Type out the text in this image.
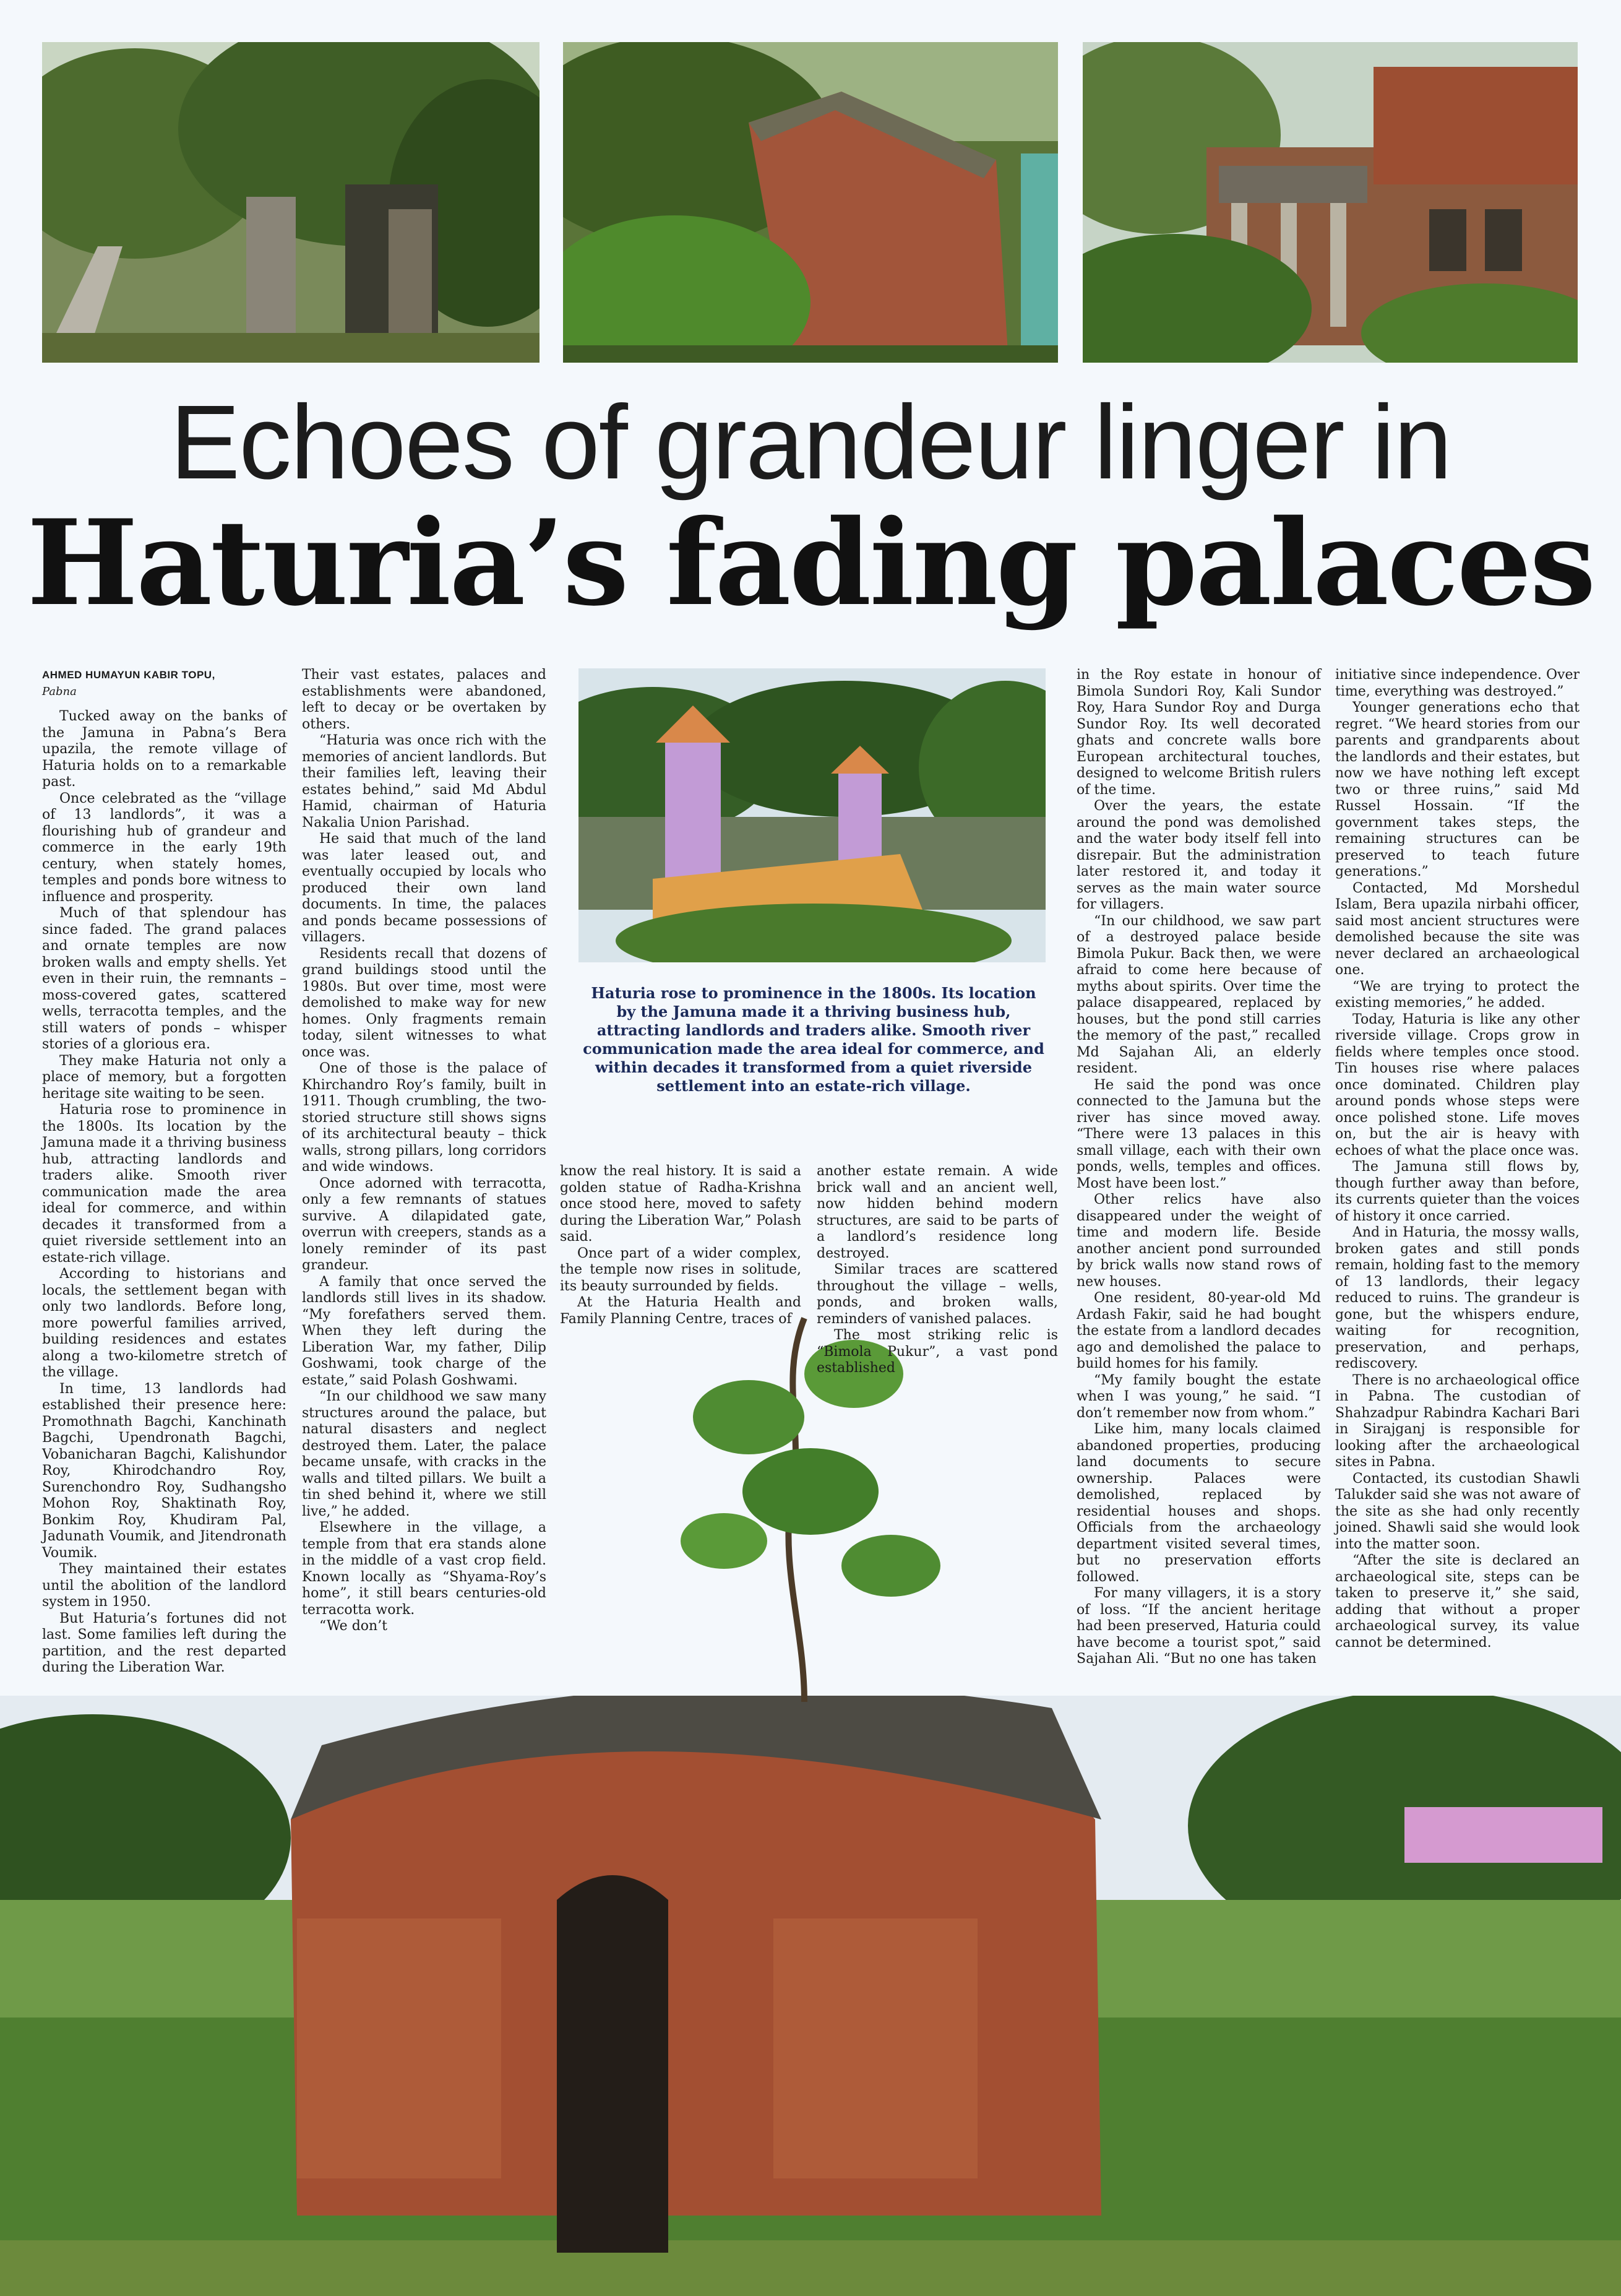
Echoes of grandeur linger in
Haturia’s fading palaces
Haturia rose to prominence in the 1800s. Its location by the Jamuna made it a thriving business hub, attracting landlords and traders alike. Smooth river communication made the area ideal for commerce, and within decades it transformed from a quiet riverside settlement into an estate-rich village.
AHMED HUMAYUN KABIR TOPU,
Pabna

Tucked away on the banks of the Jamuna in Pabna’s Bera upazila, the remote village of Haturia holds on to a remarkable past.

Once celebrated as the “village of 13 landlords”, it was a flourishing hub of grandeur and commerce in the early 19th century, when stately homes, temples and ponds bore witness to influence and prosperity.

Much of that splendour has since faded. The grand palaces and ornate temples are now broken walls and empty shells. Yet even in their ruin, the remnants – moss-covered gates, scattered wells, terracotta temples, and the still waters of ponds – whisper stories of a glorious era.

They make Haturia not only a place of memory, but a forgotten heritage site waiting to be seen.

Haturia rose to prominence in the 1800s. Its location by the Jamuna made it a thriving business hub, attracting landlords and traders alike. Smooth river communication made the area ideal for commerce, and within decades it transformed from a quiet riverside settlement into an estate-rich village.

According to historians and locals, the settlement began with only two landlords. Before long, more powerful families arrived, building residences and estates along a two-kilometre stretch of the village.

In time, 13 landlords had established their presence here: Promothnath Bagchi, Kanchinath Bagchi, Upendronath Bagchi, Vobanicharan Bagchi, Kalishundor Roy, Khirodchandro Roy, Surenchondro Roy, Sudhangsho Mohon Roy, Shaktinath Roy, Bonkim Roy, Khudiram Pal, Jadunath Voumik, and Jitendronath Voumik.

They maintained their estates until the abolition of the landlord system in 1950.

But Haturia’s fortunes did not last. Some families left during the partition, and the rest departed during the Liberation War.

Their vast estates, palaces and establishments were abandoned, left to decay or be overtaken by others.

“Haturia was once rich with the memories of ancient landlords. But their families left, leaving their estates behind,” said Md Abdul Hamid, chairman of Haturia Nakalia Union Parishad.

He said that much of the land was later leased out, and eventually occupied by locals who produced their own land documents. In time, the palaces and ponds became possessions of villagers.

Residents recall that dozens of grand buildings stood until the 1980s. But over time, most were demolished to make way for new homes. Only fragments remain today, silent witnesses to what once was.

One of those is the palace of Khirchandro Roy’s family, built in 1911. Though crumbling, the two-storied structure still shows signs of its architectural beauty – thick walls, strong pillars, long corridors and wide windows.

Once adorned with terracotta, only a few remnants of statues survive. A dilapidated gate, overrun with creepers, stands as a lonely reminder of its past grandeur.

A family that once served the landlords still lives in its shadow. “My forefathers served them. When they left during the Liberation War, my father, Dilip Goshwami, took charge of the estate,” said Polash Goshwami.

“In our childhood we saw many structures around the palace, but natural disasters and neglect destroyed them. Later, the palace became unsafe, with cracks in the walls and tilted pillars. We built a tin shed behind it, where we still live,” he added.

Elsewhere in the village, a temple from that era stands alone in the middle of a vast crop field. Known locally as “Shyama-Roy’s home”, it still bears centuries-old terracotta work.

“We don’t

know the real history. It is said a golden statue of Radha-Krishna once stood here, moved to safety during the Liberation War,” Polash said.

Once part of a wider complex, the temple now rises in solitude, its beauty surrounded by fields.

At the Haturia Health and Family Planning Centre, traces of

another estate remain. A wide brick wall and an ancient well, now hidden behind modern structures, are said to be parts of a landlord’s residence long destroyed.

Similar traces are scattered throughout the village – wells, ponds, and broken walls, reminders of vanished palaces.

The most striking relic is “Bimola Pukur”, a vast pond established

in the Roy estate in honour of Bimola Sundori Roy, Kali Sundor Roy, Hara Sundor Roy and Durga Sundor Roy. Its well decorated ghats and concrete walls bore European architectural touches, designed to welcome British rulers of the time.

Over the years, the estate around the pond was demolished and the water body itself fell into disrepair. But the administration later restored it, and today it serves as the main water source for villagers.

“In our childhood, we saw part of a destroyed palace beside Bimola Pukur. Back then, we were afraid to come here because of myths about spirits. Over time the palace disappeared, replaced by houses, but the pond still carries the memory of the past,” recalled Md Sajahan Ali, an elderly resident.

He said the pond was once connected to the Jamuna but the river has since moved away. “There were 13 palaces in this small village, each with their own ponds, wells, temples and offices. Most have been lost.”

Other relics have also disappeared under the weight of time and modern life. Beside another ancient pond surrounded by brick walls now stand rows of new houses.

One resident, 80-year-old Md Ardash Fakir, said he had bought the estate from a landlord decades ago and demolished the palace to build homes for his family.

“My family bought the estate when I was young,” he said. “I don’t remember now from whom.”

Like him, many locals claimed abandoned properties, producing land documents to secure ownership. Palaces were demolished, replaced by residential houses and shops. Officials from the archaeology department visited several times, but no preservation efforts followed.

For many villagers, it is a story of loss. “If the ancient heritage had been preserved, Haturia could have become a tourist spot,” said Sajahan Ali. “But no one has taken

initiative since independence. Over time, everything was destroyed.”

Younger generations echo that regret. “We heard stories from our parents and grandparents about the landlords and their estates, but now we have nothing left except two or three ruins,” said Md Russel Hossain. “If the government takes steps, the remaining structures can be preserved to teach future generations.”

Contacted, Md Morshedul Islam, Bera upazila nirbahi officer, said most ancient structures were demolished because the site was never declared an archaeological one.

“We are trying to protect the existing memories,” he added.

Today, Haturia is like any other riverside village. Crops grow in fields where temples once stood. Tin houses rise where palaces once dominated. Children play around ponds whose steps were once polished stone. Life moves on, but the air is heavy with echoes of what the place once was.

The Jamuna still flows by, though further away than before, its currents quieter than the voices of history it once carried.

And in Haturia, the mossy walls, broken gates and still ponds remain, holding fast to the memory of 13 landlords, their legacy reduced to ruins. The grandeur is gone, but the whispers endure, waiting for recognition, preservation, and perhaps, rediscovery.

There is no archaeological office in Pabna. The custodian of Shahzadpur Rabindra Kachari Bari in Sirajganj is responsible for looking after the archaeological sites in Pabna.

Contacted, its custodian Shawli Talukder said she was not aware of the site as she had only recently joined. Shawli said she would look into the matter soon.

“After the site is declared an archaeological site, steps can be taken to preserve it,” she said, adding that without a proper archaeological survey, its value cannot be determined.
